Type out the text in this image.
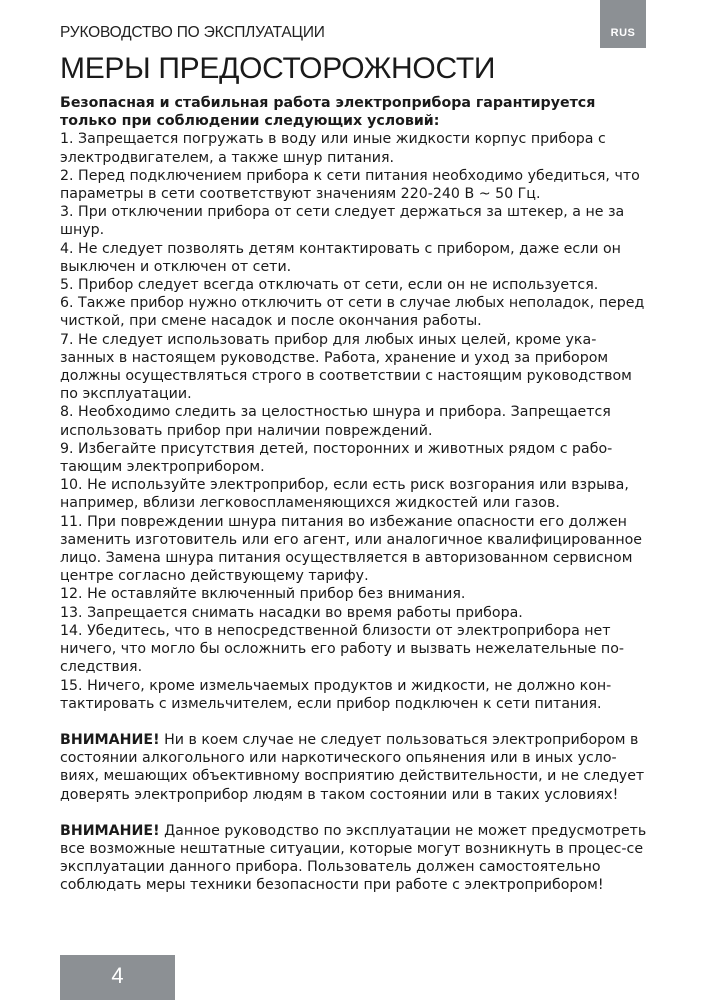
РУКОВОДСТВО ПО ЭКСПЛУАТАЦИИ	RUS
МЕРЫ ПРЕДОСТОРОЖНОСТИ

Безопасная и стабильная работа электроприбора гарантируется только при соблюдении следующих условий:

1. Запрещается погружать в воду или иные жидкости корпус прибора с электродвигателем, а также шнур питания.
2. Перед подключением прибора к сети питания необходимо убедиться, что параметры в сети соответствуют значениям 220-240 В ~ 50 Гц.
3. При отключении прибора от сети следует держаться за штекер, а не за шнур.
4. Не следует позволять детям контактировать с прибором, даже если он выключен и отключен от сети.
5. Прибор следует всегда отключать от сети, если он не используется.
6. Также прибор нужно отключить от сети в случае любых неполадок, перед чисткой, при смене насадок и после окончания работы.
7. Не следует использовать прибор для любых иных целей, кроме ука-занных в настоящем руководстве. Работа, хранение и уход за прибором должны осуществляться строго в соответствии с настоящим руководством по эксплуатации.
8. Необходимо следить за целостностью шнура и прибора. Запрещается использовать прибор при наличии повреждений.
9. Избегайте присутствия детей, посторонних и животных рядом с рабо-тающим электроприбором.
10. Не используйте электроприбор, если есть риск возгорания или взрыва, например, вблизи легковоспламеняющихся жидкостей или газов.
11. При повреждении шнура питания во избежание опасности его должен заменить изготовитель или его агент, или аналогичное квалифицированное лицо. Замена шнура питания осуществляется в авторизованном сервисном центре согласно действующему тарифу.
12. Не оставляйте включенный прибор без внимания.
13. Запрещается снимать насадки во время работы прибора.
14. Убедитесь, что в непосредственной близости от электроприбора нет ничего, что могло бы осложнить его работу и вызвать нежелательные по-следствия.
15. Ничего, кроме измельчаемых продуктов и жидкости, не должно кон-тактировать с измельчителем, если прибор подключен к сети питания.

ВНИМАНИЕ! Ни в коем случае не следует пользоваться электроприбором в состоянии алкогольного или наркотического опьянения или в иных усло-виях, мешающих объективному восприятию действительности, и не следует доверять электроприбор людям в таком состоянии или в таких условиях!

ВНИМАНИЕ! Данное руководство по эксплуатации не может предусмотреть все возможные нештатные ситуации, которые могут возникнуть в процес-се эксплуатации данного прибора. Пользователь должен самостоятельно соблюдать меры техники безопасности при работе с электроприбором!

4
